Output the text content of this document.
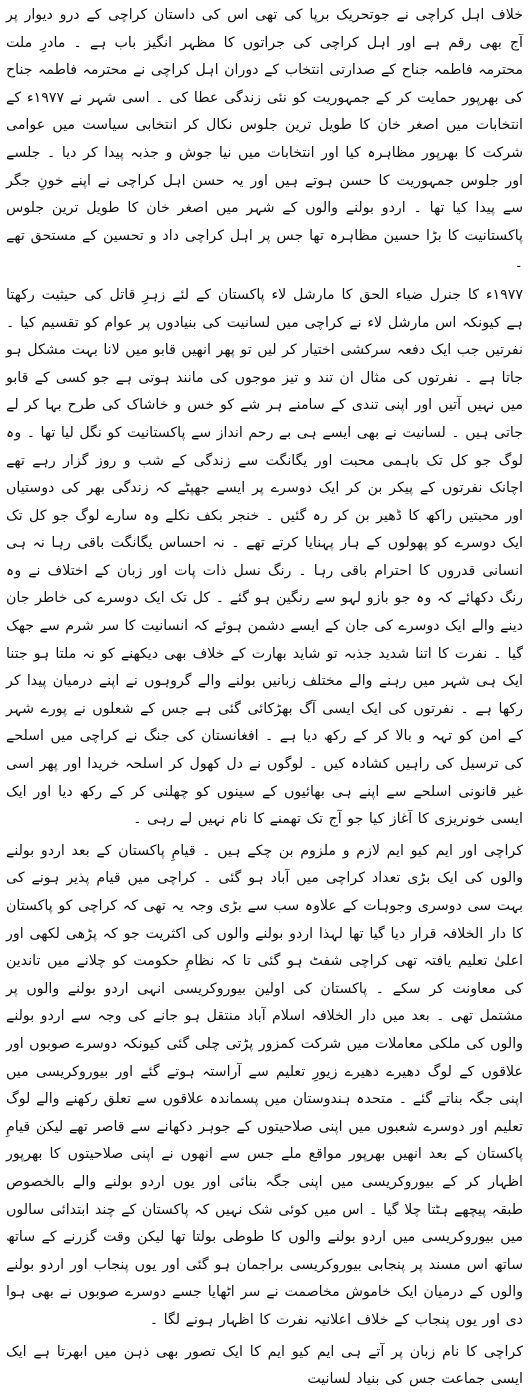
خلاف اہل کراچی نے جوتحریک برپا کی تھی اس کی داستان کراچی کے درو دیوار پر آج بھی رقم ہے اور اہل کراچی کی جراتوں کا مظہر انگیز باب ہے ۔ مادرِ ملت محترمہ فاطمہ جناح کے صدارتی انتخاب کے دوران اہل کراچی نے محترمہ فاطمہ جناح کی بھرپور حمایت کر کے جمہوریت کو نئی زندگی عطا کی ۔ اسی شہر نے ۱۹۷۷ء کے انتخابات میں اصغر خان کا طویل ترین جلوس نکال کر انتخابی سیاست میں عوامی شرکت کا بھرپور مظاہرہ کیا اور انتخابات میں نیا جوش و جذبہ پیدا کر دیا ۔ جلسے اور جلوس جمہوریت کا حسن ہوتے ہیں اور یہ حسن اہل کراچی نے اپنے خونِ جگر سے پیدا کیا تھا ۔ اردو بولنے والوں کے شہر میں اصغر خان کا طویل ترین جلوس پاکستانیت کا بڑا حسین مظاہرہ تھا جس پر اہل کراچی داد و تحسین کے مستحق تھے ۔

۱۹۷۷ء کا جنرل ضیاء الحق کا مارشل لاء پاکستان کے لئے زہرِ قاتل کی حیثیت رکھتا ہے کیونکہ اس مارشل لاء نے کراچی میں لسانیت کی بنیادوں پر عوام کو تقسیم کیا ۔ نفرتیں جب ایک دفعہ سرکشی اختیار کر لیں تو پھر انھیں قابو میں لانا بہت مشکل ہو جاتا ہے ۔ نفرتوں کی مثال ان تند و تیز موجوں کی مانند ہوتی ہے جو کسی کے قابو میں نہیں آتیں اور اپنی تندی کے سامنے ہر شے کو خس و خاشاک کی طرح بہا کر لے جاتی ہیں ۔ لسانیت نے بھی ایسے ہی بے رحم انداز سے پاکستانیت کو نگل لیا تھا ۔ وہ لوگ جو کل تک باہمی محبت اور یگانگت سے زندگی کے شب و روز گزار رہے تھے اچانک نفرتوں کے پیکر بن کر ایک دوسرے پر ایسے جھپٹے کہ زندگی بھر کی دوستیاں اور محبتیں راکھ کا ڈھیر بن کر رہ گئیں ۔ خنجر بکف نکلے وہ سارے لوگ جو کل تک ایک دوسرے کو پھولوں کے ہار پہنایا کرتے تھے ۔ نہ احساس یگانگت باقی رہا نہ ہی انسانی قدروں کا احترام باقی رہا ۔ رنگ نسل ذات پات اور زبان کے اختلاف نے وہ رنگ دکھائے کہ وہ جو بازو لہو سے رنگین ہو گئے ۔ کل تک ایک دوسرے کی خاطر جان دینے والے ایک دوسرے کی جان کے ایسے دشمن ہوئے کہ انسانیت کا سر شرم سے جھک گیا ۔ نفرت کا اتنا شدید جذبہ تو شاید بھارت کے خلاف بھی دیکھنے کو نہ ملتا ہو جتنا ایک ہی شہر میں رہنے والے مختلف زبانیں بولنے والے گروہوں نے اپنے درمیان پیدا کر رکھا ہے ۔ نفرتوں کی ایک ایسی آگ بھڑکائی گئی ہے جس کے شعلوں نے پورے شہر کے امن کو تہہ و بالا کر کے رکھ دیا ہے ۔ افغانستان کی جنگ نے کراچی میں اسلحے کی ترسیل کی راہیں کشادہ کیں ۔ لوگوں نے دل کھول کر اسلحہ خریدا اور پھر اسی غیر قانونی اسلحے سے اپنے ہی بھائیوں کے سینوں کو چھلنی کر کے رکھ دیا اور ایک ایسی خونریزی کا آغاز کیا جو آج تک تھمنے کا نام نہیں لے رہی ۔

کراچی اور ایم کیو ایم لازم و ملزوم بن چکے ہیں ۔ قیامِ پاکستان کے بعد اردو بولنے والوں کی ایک بڑی تعداد کراچی میں آباد ہو گئی ۔ کراچی میں قیام پذیر ہونے کی بہت سی دوسری وجوہات کے علاوہ سب سے بڑی وجہ یہ تھی کہ کراچی کو پاکستان کا دار الخلافہ قرار دیا گیا تھا لہذا اردو بولنے والوں کی اکثریت جو کہ پڑھی لکھی اور اعلیٰ تعلیم یافتہ تھی کراچی شفٹ ہو گئی تا کہ نظامِ حکومت کو چلانے میں تاندین کی معاونت کر سکے ۔ پاکستان کی اولین بیوروکریسی انہی اردو بولنے والوں پر مشتمل تھی ۔ بعد میں دار الخلافہ اسلام آباد منتقل ہو جانے کی وجہ سے اردو بولنے والوں کی ملکی معاملات میں شرکت کمزور پڑتی چلی گئی کیونکہ دوسرے صوبوں اور علاقوں کے لوگ دھیرے دھیرے زیورِ تعلیم سے آراستہ ہوتے گئے اور بیوروکریسی میں اپنی جگہ بناتے گئے ۔ متحدہ ہندوستان میں پسماندہ علاقوں سے تعلق رکھنے والے لوگ تعلیم اور دوسرے شعبوں میں اپنی صلاحیتوں کے جوہر دکھانے سے قاصر تھے لیکن قیامِ پاکستان کے بعد انھیں بھرپور مواقع ملے جس سے انھوں نے اپنی صلاحیتوں کا بھرپور اظہار کر کے بیوروکریسی میں اپنی جگہ بنائی اور یوں اردو بولنے والے بالخصوص طبقہ پیچھے ہٹتا چلا گیا ۔ اس میں کوئی شک نہیں کہ پاکستان کے چند ابتدائی سالوں میں بیوروکریسی میں اردو بولنے والوں کا طوطی بولتا تھا لیکن وقت گزرنے کے ساتھ ساتھ اس مسند پر پنجابی بیوروکریسی براجمان ہو گئی اور یوں پنجاب اور اردو بولنے والوں کے درمیان ایک خاموش مخاصمت نے سر اٹھایا جسے دوسرے صوبوں نے بھی ہوا دی اور یوں پنجاب کے خلاف اعلانیہ نفرت کا اظہار ہونے لگا ۔

کراچی کا نام زبان پر آتے ہی ایم کیو ایم کا ایک تصور بھی ذہن میں ابھرتا ہے ایک ایسی جماعت جس کی بنیاد لسانیت
